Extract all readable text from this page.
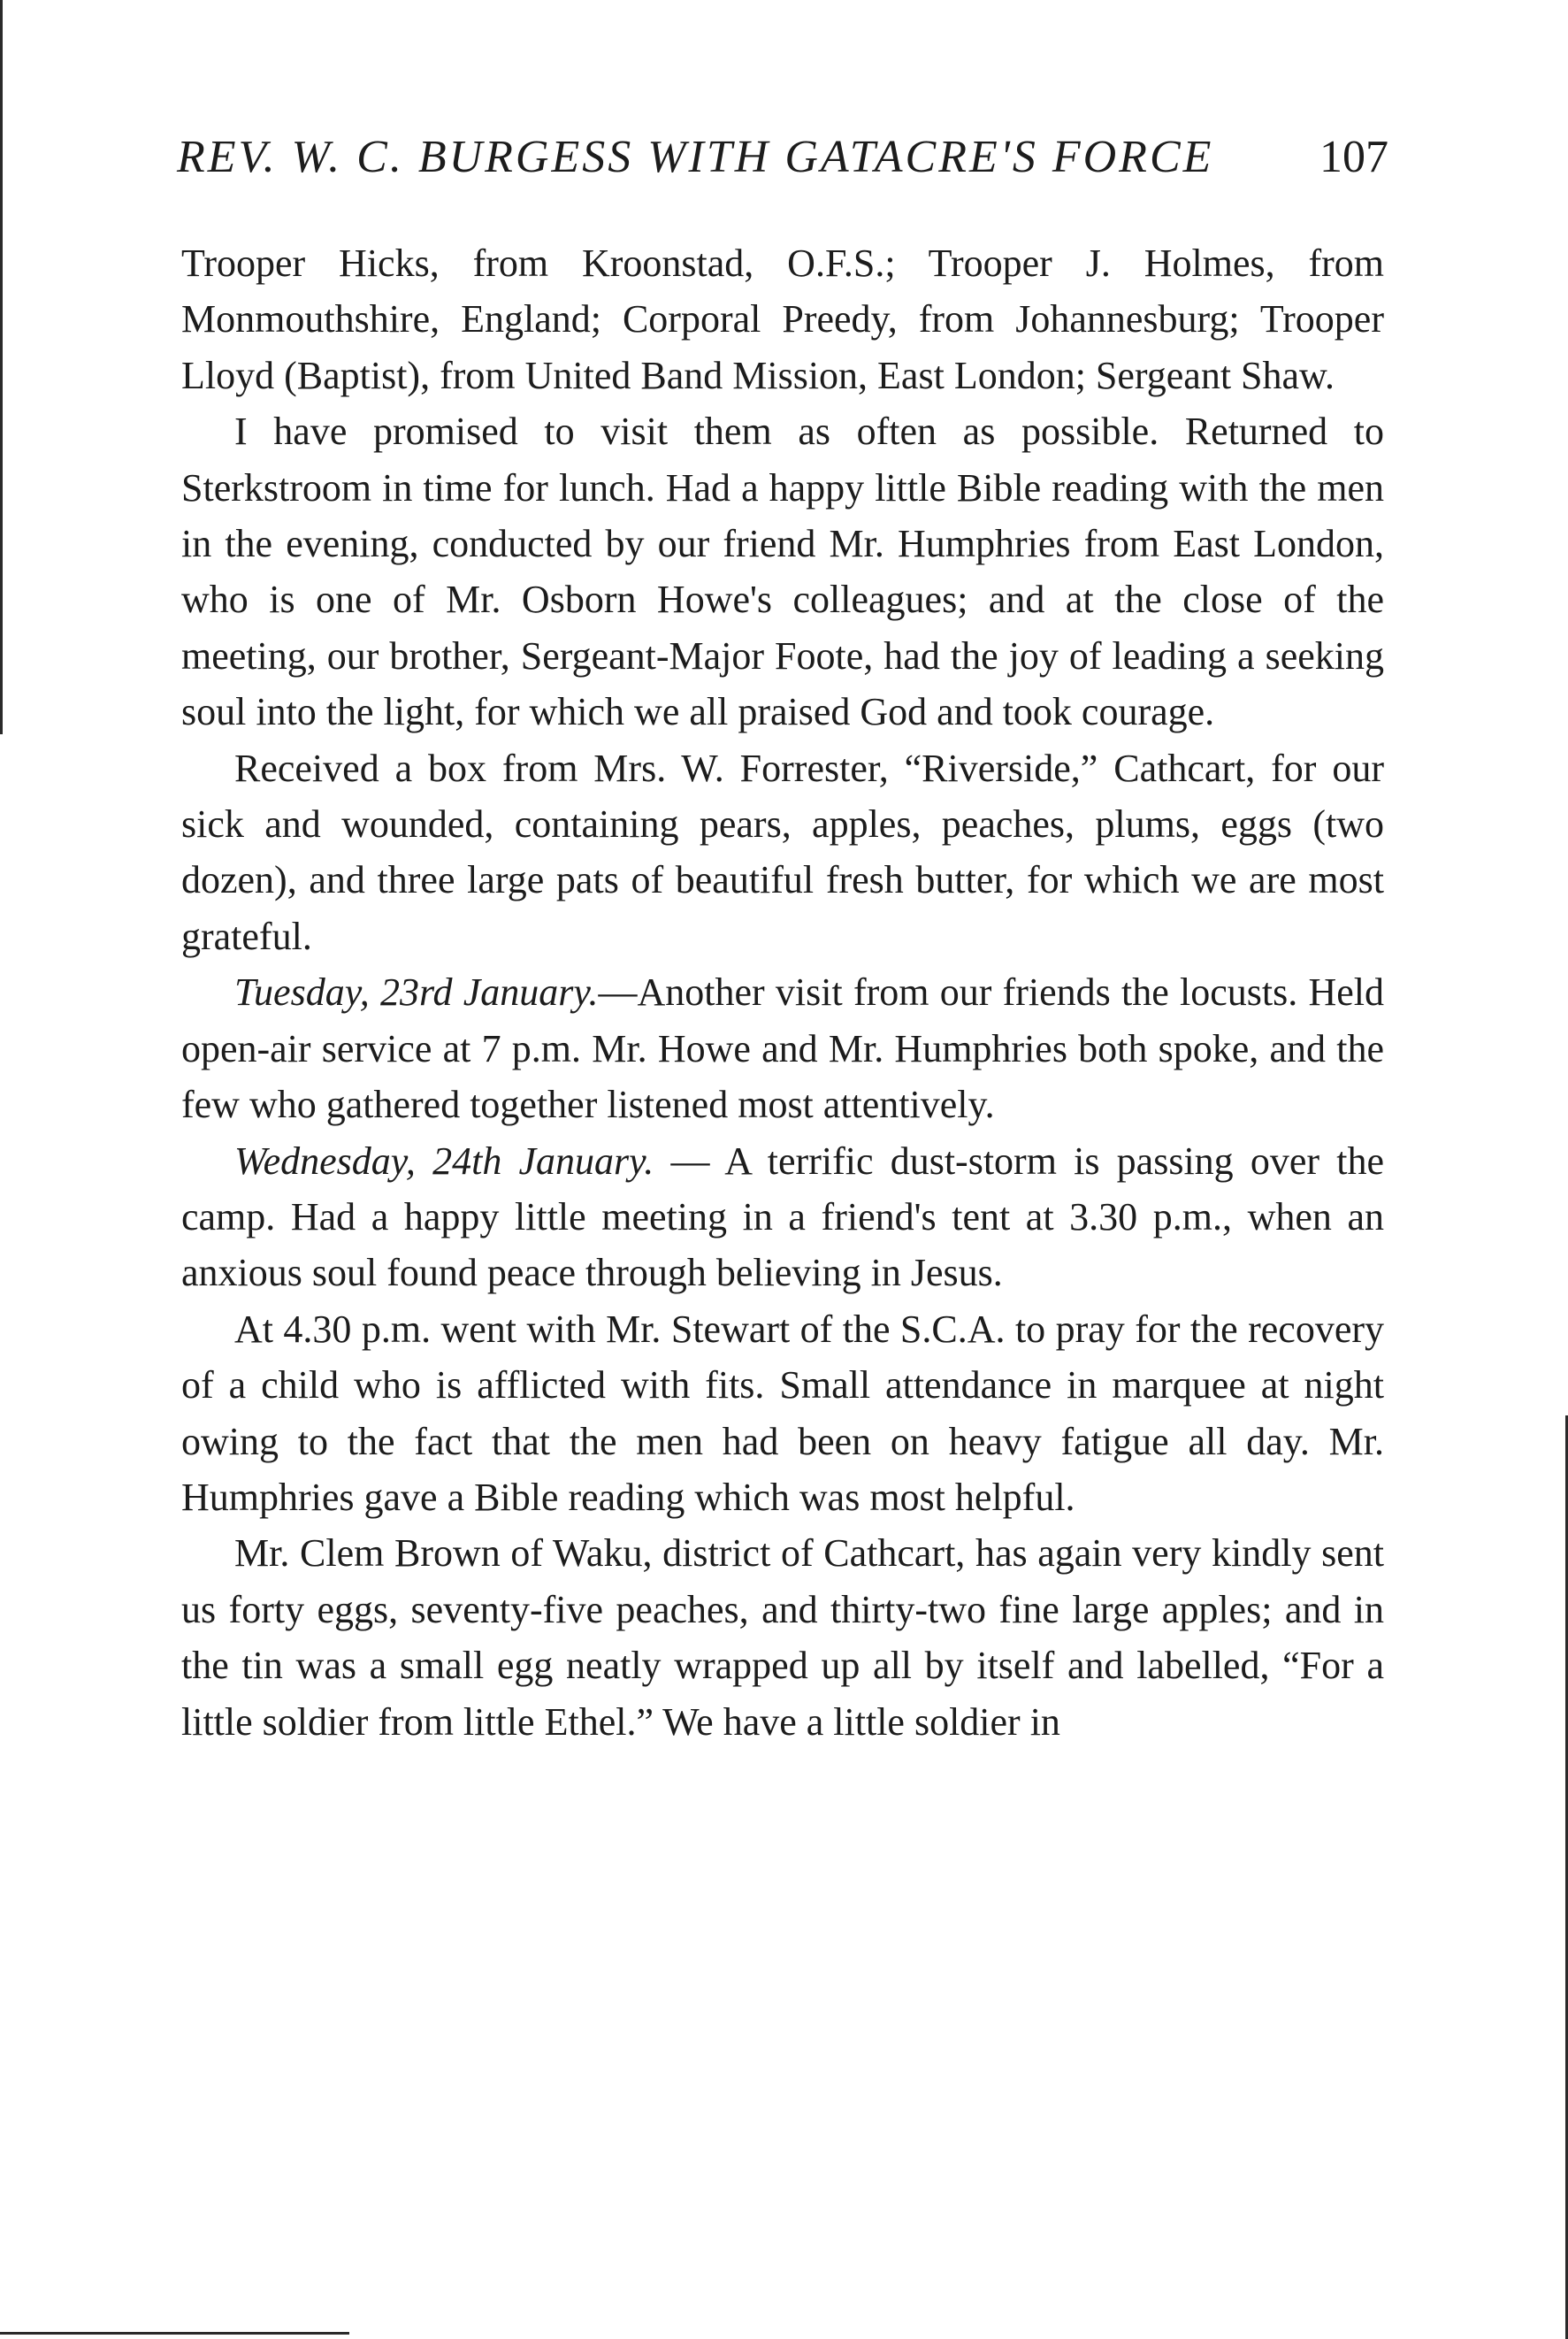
REV. W. C. BURGESS WITH GATACRE'S FORCE 107

Trooper Hicks, from Kroonstad, O.F.S.; Trooper J. Holmes, from Monmouthshire, England; Corporal Preedy, from Johannesburg; Trooper Lloyd (Baptist), from United Band Mission, East London; Sergeant Shaw.

I have promised to visit them as often as possible. Returned to Sterkstroom in time for lunch. Had a happy little Bible reading with the men in the evening, conducted by our friend Mr. Humphries from East London, who is one of Mr. Osborn Howe's colleagues; and at the close of the meeting, our brother, Sergeant-Major Foote, had the joy of leading a seeking soul into the light, for which we all praised God and took courage.

Received a box from Mrs. W. Forrester, “Riverside,” Cathcart, for our sick and wounded, containing pears, apples, peaches, plums, eggs (two dozen), and three large pats of beautiful fresh butter, for which we are most grateful.

Tuesday, 23rd January.—Another visit from our friends the locusts. Held open-air service at 7 p.m. Mr. Howe and Mr. Humphries both spoke, and the few who gathered together listened most attentively.

Wednesday, 24th January. — A terrific dust-storm is passing over the camp. Had a happy little meeting in a friend's tent at 3.30 p.m., when an anxious soul found peace through believing in Jesus.

At 4.30 p.m. went with Mr. Stewart of the S.C.A. to pray for the recovery of a child who is afflicted with fits. Small attendance in marquee at night owing to the fact that the men had been on heavy fatigue all day. Mr. Humphries gave a Bible reading which was most helpful.

Mr. Clem Brown of Waku, district of Cathcart, has again very kindly sent us forty eggs, seventy-five peaches, and thirty-two fine large apples; and in the tin was a small egg neatly wrapped up all by itself and labelled, “For a little soldier from little Ethel.” We have a little soldier in
